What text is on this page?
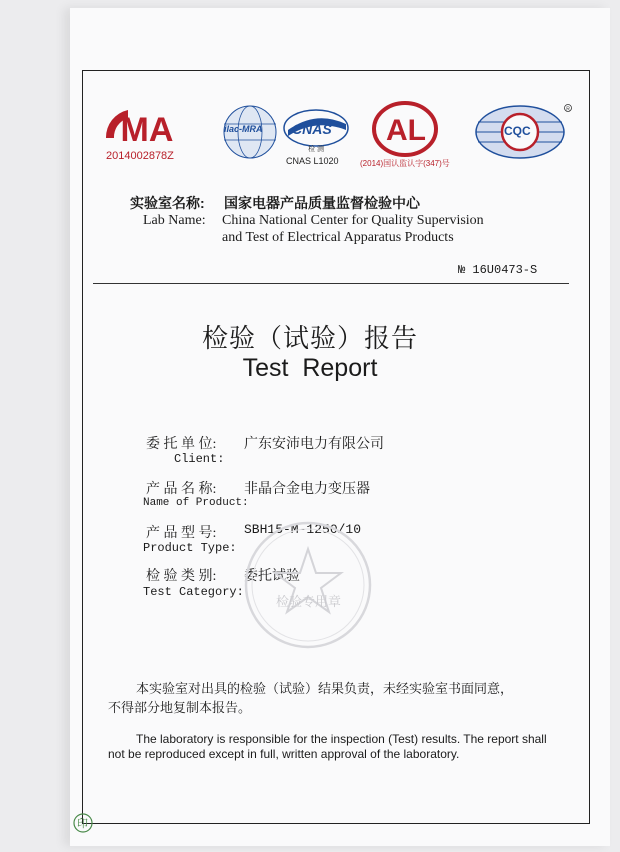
MA
2014002878Z
ilac-MRA CNAS
检 测
CNAS L1020
AL
(2014)国认监认字(347)号
R
CQC
实验室名称: 国家电器产品质量监督检验中心
Lab Name: China National Center for Quality Supervision
and Test of Electrical Apparatus Products
№ 16U0473-S
检验（试验）报告
Test  Report
委 托 单 位: 广东安沛电力有限公司
Client:
产 品 名 称: 非晶合金电力变压器
Name of Product:
产 品 型 号: SBH15-M-1250/10
Product Type:
检 验 类 别: 委托试验
Test Category:
检验专用章
本实验室对出具的检验（试验）结果负责，未经实验室书面同意，
不得部分地复制本报告。
The laboratory is responsible for the inspection (Test) results. The report shall
not be reproduced except in full, written approval of the laboratory.
印
